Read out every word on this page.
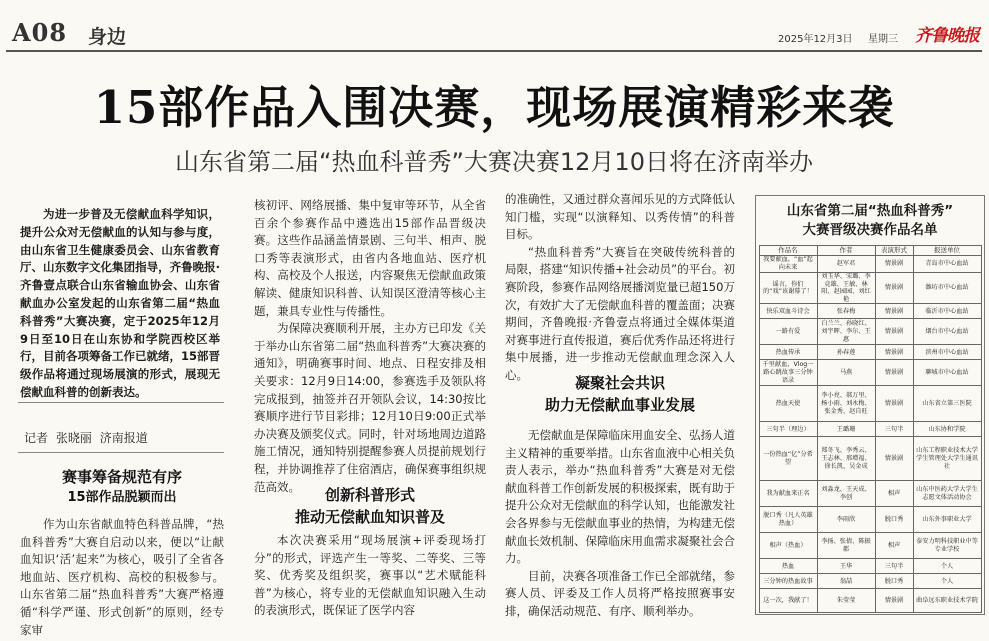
A08 身边	2025年12月3日 星期三 齐鲁晚报
15部作品入围决赛，现场展演精彩来袭
山东省第二届“热血科普秀”大赛决赛12月10日将在济南举办

为进一步普及无偿献血科学知识，提升公众对无偿献血的认知与参与度，由山东省卫生健康委员会、山东省教育厅、山东数字文化集团指导，齐鲁晚报·齐鲁壹点联合山东省输血协会、山东省献血办公室发起的山东省第二届“热血科普秀”大赛决赛，定于2025年12月9日至10日在山东协和学院西校区举行，目前各项筹备工作已就绪，15部晋级作品将通过现场展演的形式，展现无偿献血科普的创新表达。

记者 张晓丽 济南报道
赛事筹备规范有序
15部作品脱颖而出

作为山东省献血特色科普品牌，“热血科普秀”大赛自启动以来，便以“让献血知识‘活’起来”为核心，吸引了全省各地血站、医疗机构、高校的积极参与。山东省第二届“热血科普秀”大赛严格遵循“科学严谨、形式创新”的原则，经专家审

核初评、网络展播、集中复审等环节，从全省百余个参赛作品中遴选出15部作品晋级决赛。这些作品涵盖情景剧、三句半、相声、脱口秀等表演形式，由省内各地血站、医疗机构、高校及个人报送，内容聚焦无偿献血政策解读、健康知识科普、认知误区澄清等核心主题，兼具专业性与传播性。

为保障决赛顺利开展，主办方已印发《关于举办山东省第二届“热血科普秀”大赛决赛的通知》，明确赛事时间、地点、日程安排及相关要求：12月9日14:00，参赛选手及领队将完成报到，抽签并召开领队会议，14:30按比赛顺序进行节目彩排；12月10日9:00正式举办决赛及颁奖仪式。同时，针对场地周边道路施工情况，通知特别提醒参赛人员提前规划行程，并协调推荐了住宿酒店，确保赛事组织规范高效。	创新科普形式
推动无偿献血知识普及

本次决赛采用“现场展演+评委现场打分”的形式，评选产生一等奖、二等奖、三等奖、优秀奖及组织奖，赛事以“艺术赋能科普”为核心，将专业的无偿献血知识融入生动的表演形式，既保证了医学内容

的准确性，又通过群众喜闻乐见的方式降低认知门槛，实现“以演释知、以秀传情”的科普目标。

“热血科普秀”大赛旨在突破传统科普的局限，搭建“知识传播+社会动员”的平台。初赛阶段，参赛作品网络展播浏览量已超150万次，有效扩大了无偿献血科普的覆盖面；决赛期间，齐鲁晚报·齐鲁壹点将通过全媒体渠道对赛事进行直传报道，赛后优秀作品还将进行集中展播，进一步推动无偿献血理念深入人心。	凝聚社会共识
助力无偿献血事业发展

无偿献血是保障临床用血安全、弘扬人道主义精神的重要举措。山东省血液中心相关负责人表示，举办“热血科普秀”大赛是对无偿献血科普工作创新发展的积极探索，既有助于提升公众对无偿献血的科学认知，也能激发社会各界参与无偿献血事业的热情，为构建无偿献血长效机制、保障临床用血需求凝聚社会合力。

目前，决赛各项准备工作已全部就绪，参赛人员、评委及工作人员将严格按照赛事安排，确保活动规范、有序、顺利举办。

山东省第二届“热血科普秀”
大赛晋级决赛作品名单
作品名	作者	表演形式	报送单位
我要献血，“血”起向未来	赵军君	情景剧	青岛市中心血站
谣言，你们的“戏”该谢幕了！	刘玉华、宋璐、李竞雄、王敏、林阳、赵园园、刘红艳	情景剧	潍坊市中心血站
快乐双血斗诗会	张春梅	情景剧	临沂市中心血站
一路有爱	白兰兰、孙晓红、刘宇晖、李尔、王惠	情景剧	烟台市中心血站
热血传承	孙春莲	情景剧	滨州市中心血站
千里献血，Vlog一路心跳故事三分钟语录	马燕	情景剧	聊城市中心血站
热血天使	李小亮、郝万里、杨小雨、刘永梅、张金秀、赵自旺	情景剧	山东省立第三医院
三句半（理边）	王璐珊	三句半	山东协和学院
一份热血“亿”分希望	郑冬飞、李秀云、王志林、邢增福、徐长凯、吴金成	情景剧	山东工程职业技术大学学生管理处大学生通讯社
我为献血来正名	刘淼龙、王天成、李创	相声	山东中医药大学大学生志愿文体活动协会
脱口秀（凡人英雄热血）	李雨欣	脱口秀	山东外事职业大学
相声（热血）	李扬、张倩、陈振都	相声	泰安力明科技职业中等专业学校
热血	王华	三句半	个人
三分钟的热血故事	翁喆	脱口秀	个人
这一次，我献了！	朱莹莹	情景剧	曲阜远东职业技术学院
